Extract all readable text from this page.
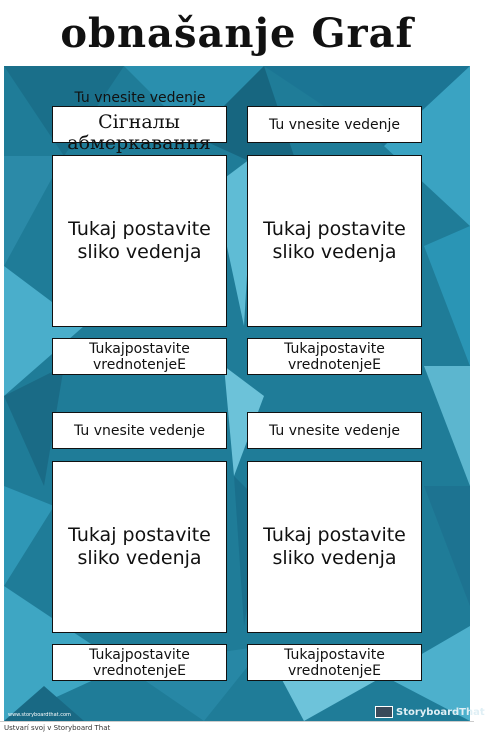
obnašanje Graf
Tu vnesite vedenje
Сігналы абмеркавання
Tukaj postavite sliko vedenja
Tukajpostavite vrednotenjeE
Tu vnesite vedenje
Tukaj postavite sliko vedenja
Tukajpostavite vrednotenjeE
Tu vnesite vedenje
Tukaj postavite sliko vedenja
Tukajpostavite vrednotenjeE
Tu vnesite vedenje
Tukaj postavite sliko vedenja
Tukajpostavite vrednotenjeE
www.storyboardthat.com	StoryboardThat
Ustvarí svoj v Storyboard That
